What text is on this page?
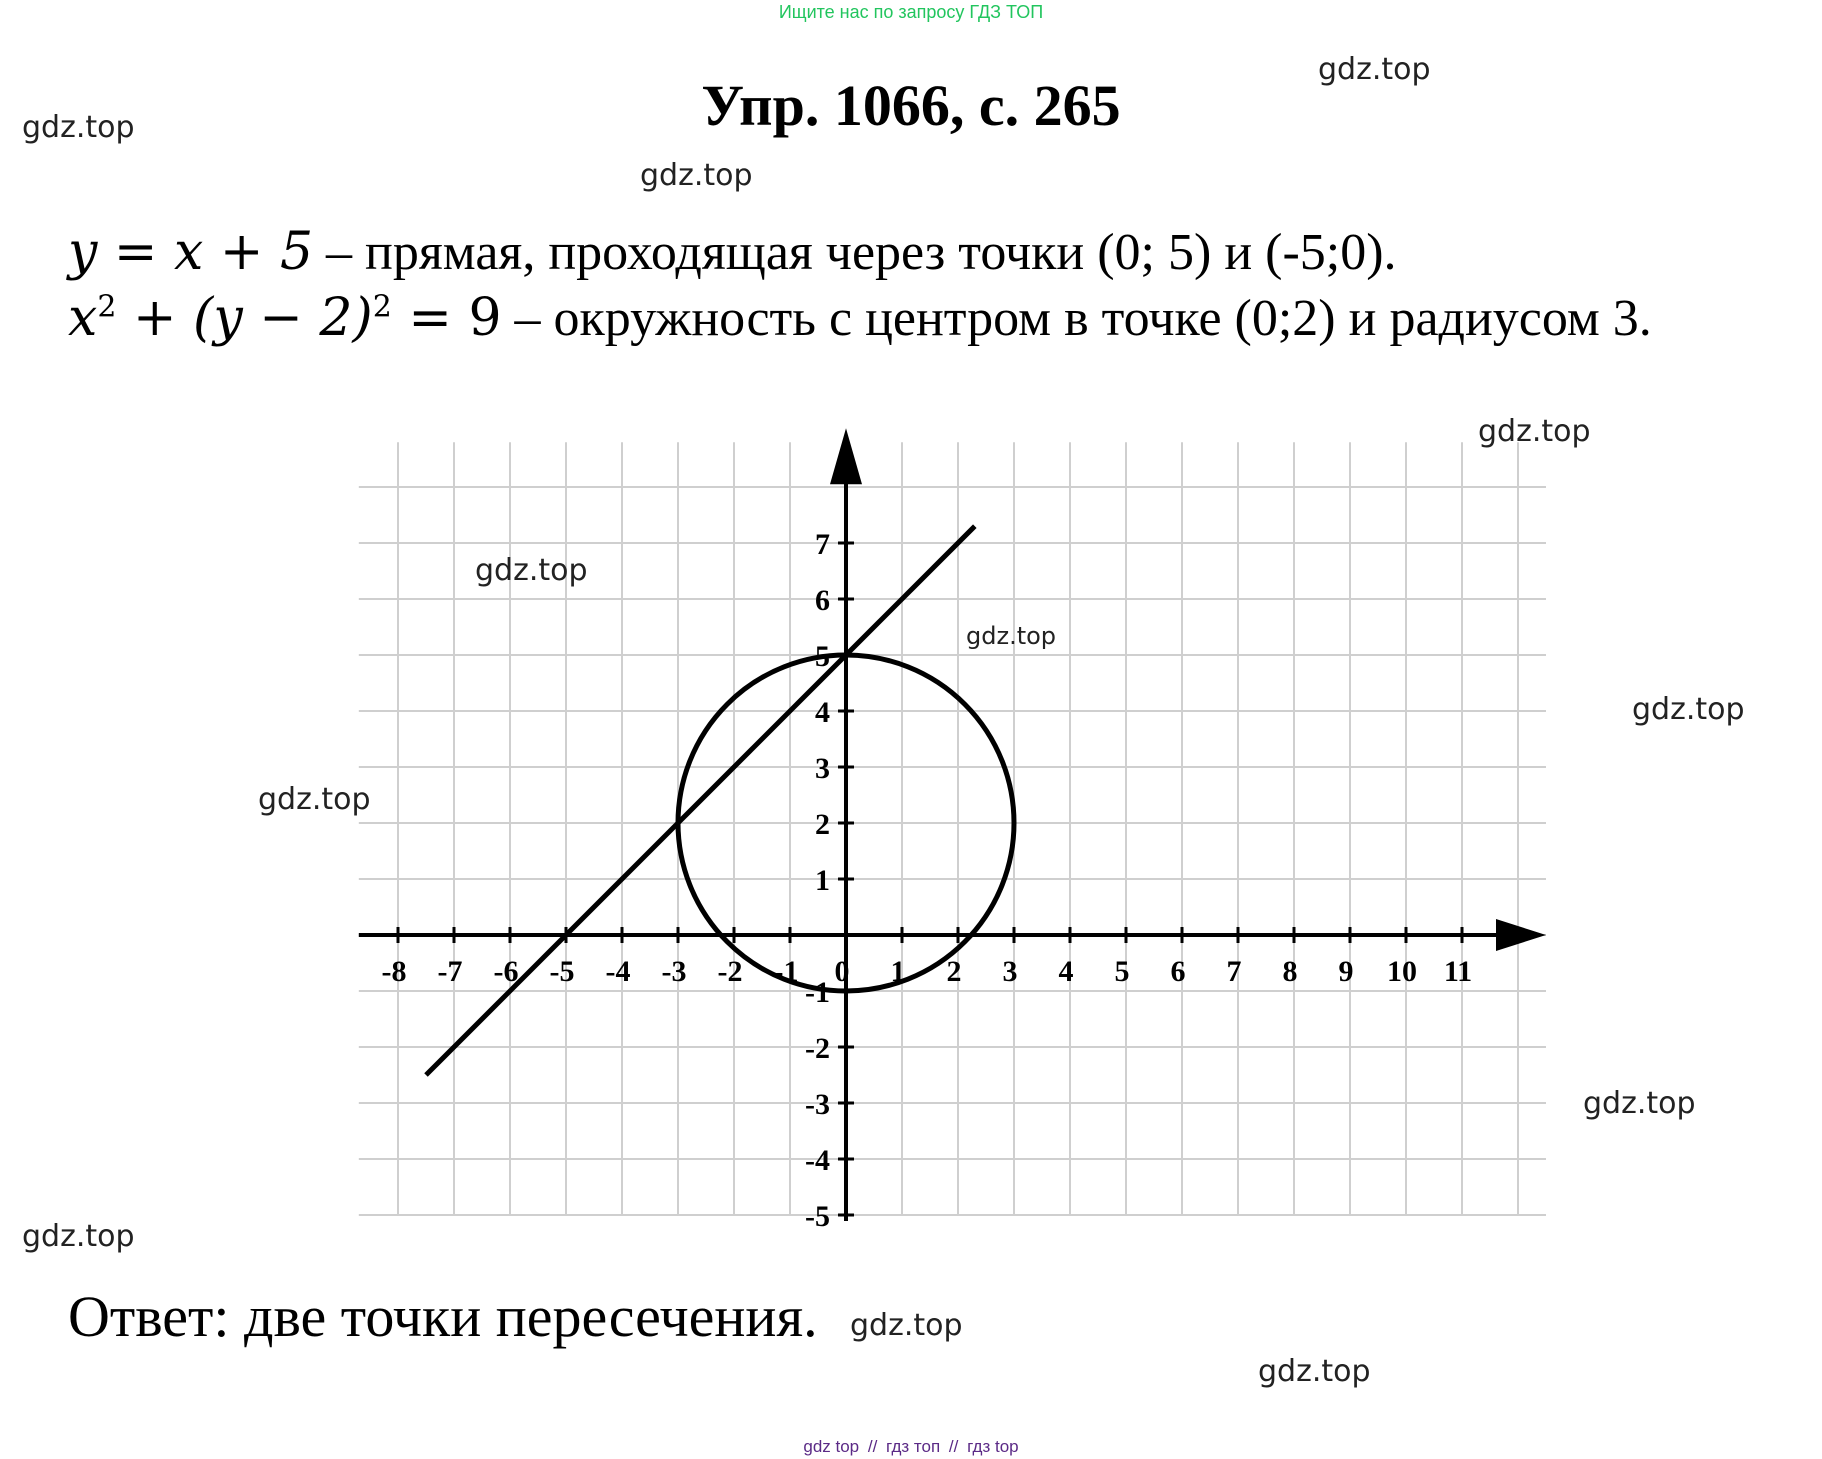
Ищите нас по запросу ГДЗ ТОП
Упр. 1066, с. 265
y = x + 5 – прямая, проходящая через точки (0; 5) и (-5;0).
$x^2 + (y - 2)^2 = 9$ – окружность с центром в точке (0;2) и радиусом 3.
-8 -7 -6 -5 -4 -3 -2 -1 0 1 2 3 4 5 6 7 8 9 10 11
7
6
5
4
3
2
1
-1
-2
-3
-4
-5
gdz.top
gdz.top
gdz.top
gdz.top
gdz.top
gdz.top
gdz.top
gdz.top
gdz.top
gdz.top
gdz.top
gdz.top
Ответ: две точки пересечения.
gdz top // гдз топ // гдз top
